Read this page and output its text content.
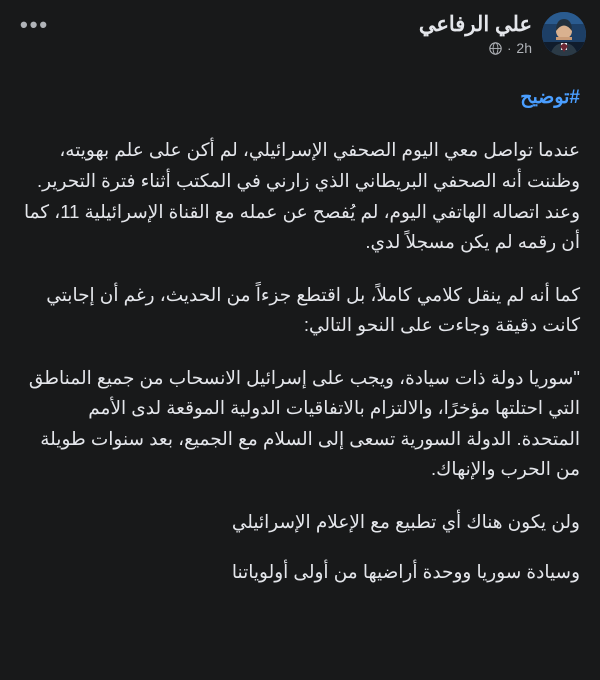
علي الرفاعي
2h
·
•••
#توضيح
عندما تواصل معي اليوم الصحفي الإسرائيلي، لم أكن على علم بهويته، وظننت أنه الصحفي البريطاني الذي زارني في المكتب أثناء فترة التحرير. وعند اتصاله الهاتفي اليوم، لم يُفصح عن عمله مع القناة الإسرائيلية 11، كما أن رقمه لم يكن مسجلاً لدي.
كما أنه لم ينقل كلامي كاملاً، بل اقتطع جزءاً من الحديث، رغم أن إجابتي كانت دقيقة وجاءت على النحو التالي:
"سوريا دولة ذات سيادة، ويجب على إسرائيل الانسحاب من جميع المناطق التي احتلتها مؤخرًا، والالتزام بالاتفاقيات الدولية الموقعة لدى الأمم المتحدة. الدولة السورية تسعى إلى السلام مع الجميع، بعد سنوات طويلة من الحرب والإنهاك.
ولن يكون هناك أي تطبيع مع الإعلام الإسرائيلي
وسيادة سوريا ووحدة أراضيها من أولى أولوياتنا
